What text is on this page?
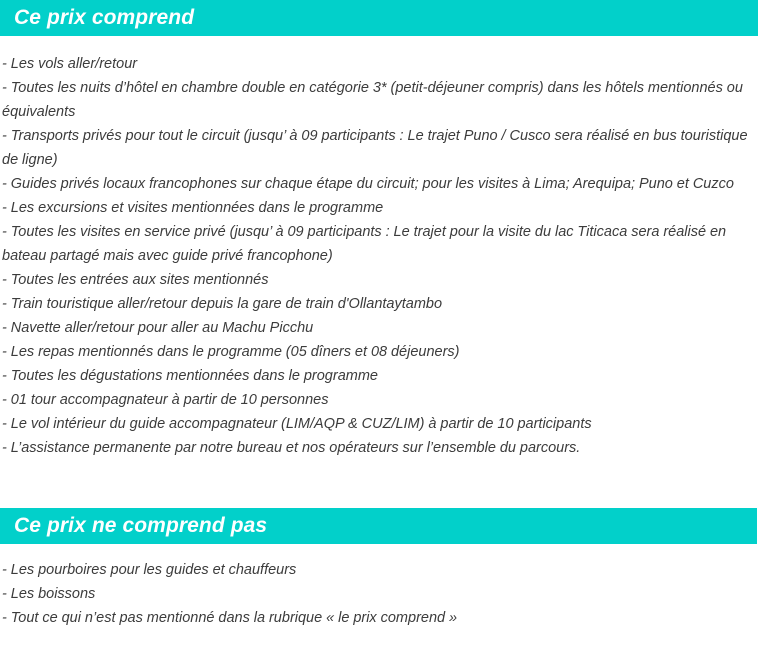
Ce prix comprend
- Les vols aller/retour
- Toutes les nuits d’hôtel en chambre double en catégorie 3* (petit-déjeuner compris) dans les hôtels mentionnés ou équivalents
- Transports privés pour tout le circuit (jusqu’ à 09 participants : Le trajet Puno / Cusco sera réalisé en bus touristique de ligne)
- Guides privés locaux francophones sur chaque étape du circuit; pour les visites à Lima; Arequipa; Puno et Cuzco
- Les excursions et visites mentionnées dans le programme
- Toutes les visites en service privé (jusqu’ à 09 participants : Le trajet pour la visite du lac Titicaca sera réalisé en bateau partagé mais avec guide privé francophone)
- Toutes les entrées aux sites mentionnés
- Train touristique aller/retour depuis la gare de train d'Ollantaytambo
- Navette aller/retour pour aller au Machu Picchu
- Les repas mentionnés dans le programme (05 dîners et 08 déjeuners)
- Toutes les dégustations mentionnées dans le programme
- 01 tour accompagnateur à partir de 10 personnes
- Le vol intérieur du guide accompagnateur (LIM/AQP & CUZ/LIM) à partir de 10 participants
- L’assistance permanente par notre bureau et nos opérateurs sur l’ensemble du parcours.
Ce prix ne comprend pas
- Les pourboires pour les guides et chauffeurs
- Les boissons
- Tout ce qui n’est pas mentionné dans la rubrique « le prix comprend »
